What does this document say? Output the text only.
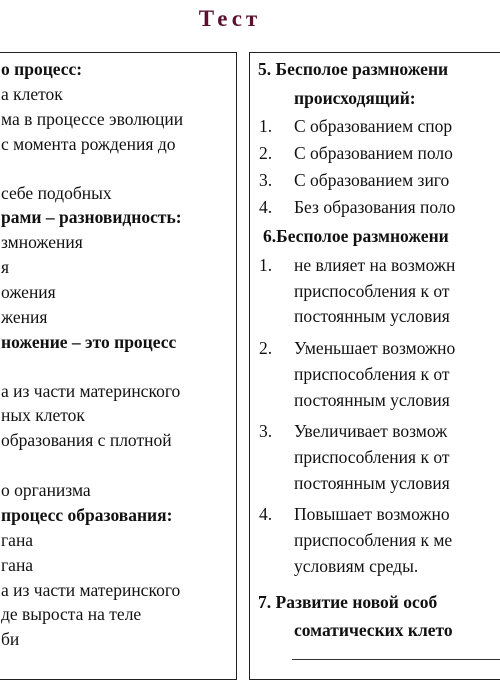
Тест
о процесс:
а клеток
ма в процессе эволюции
с момента рождения до
себе подобных
рами – разновидность:
змножения
я
ожения
жения
ножение – это процесс
а из части материнского
ных клеток
образования с плотной
о организма
процесс образования:
гана
гана
а из части материнского
де выроста на теле
би
5. Бесполое размножени
происходящий:
1. С образованием спор
2. С образованием поло
3. С образованием зиго
4. Без образования поло
6.Бесполое размножени
1. не влияет на возможн
приспособления к от
постоянным условия
2. Уменьшает возможно
приспособления к от
постоянным условия
3. Увеличивает возмож
приспособления к от
постоянным условия
4. Повышает возможно
приспособления к ме
условиям среды.
7. Развитие новой особ
соматических клето
